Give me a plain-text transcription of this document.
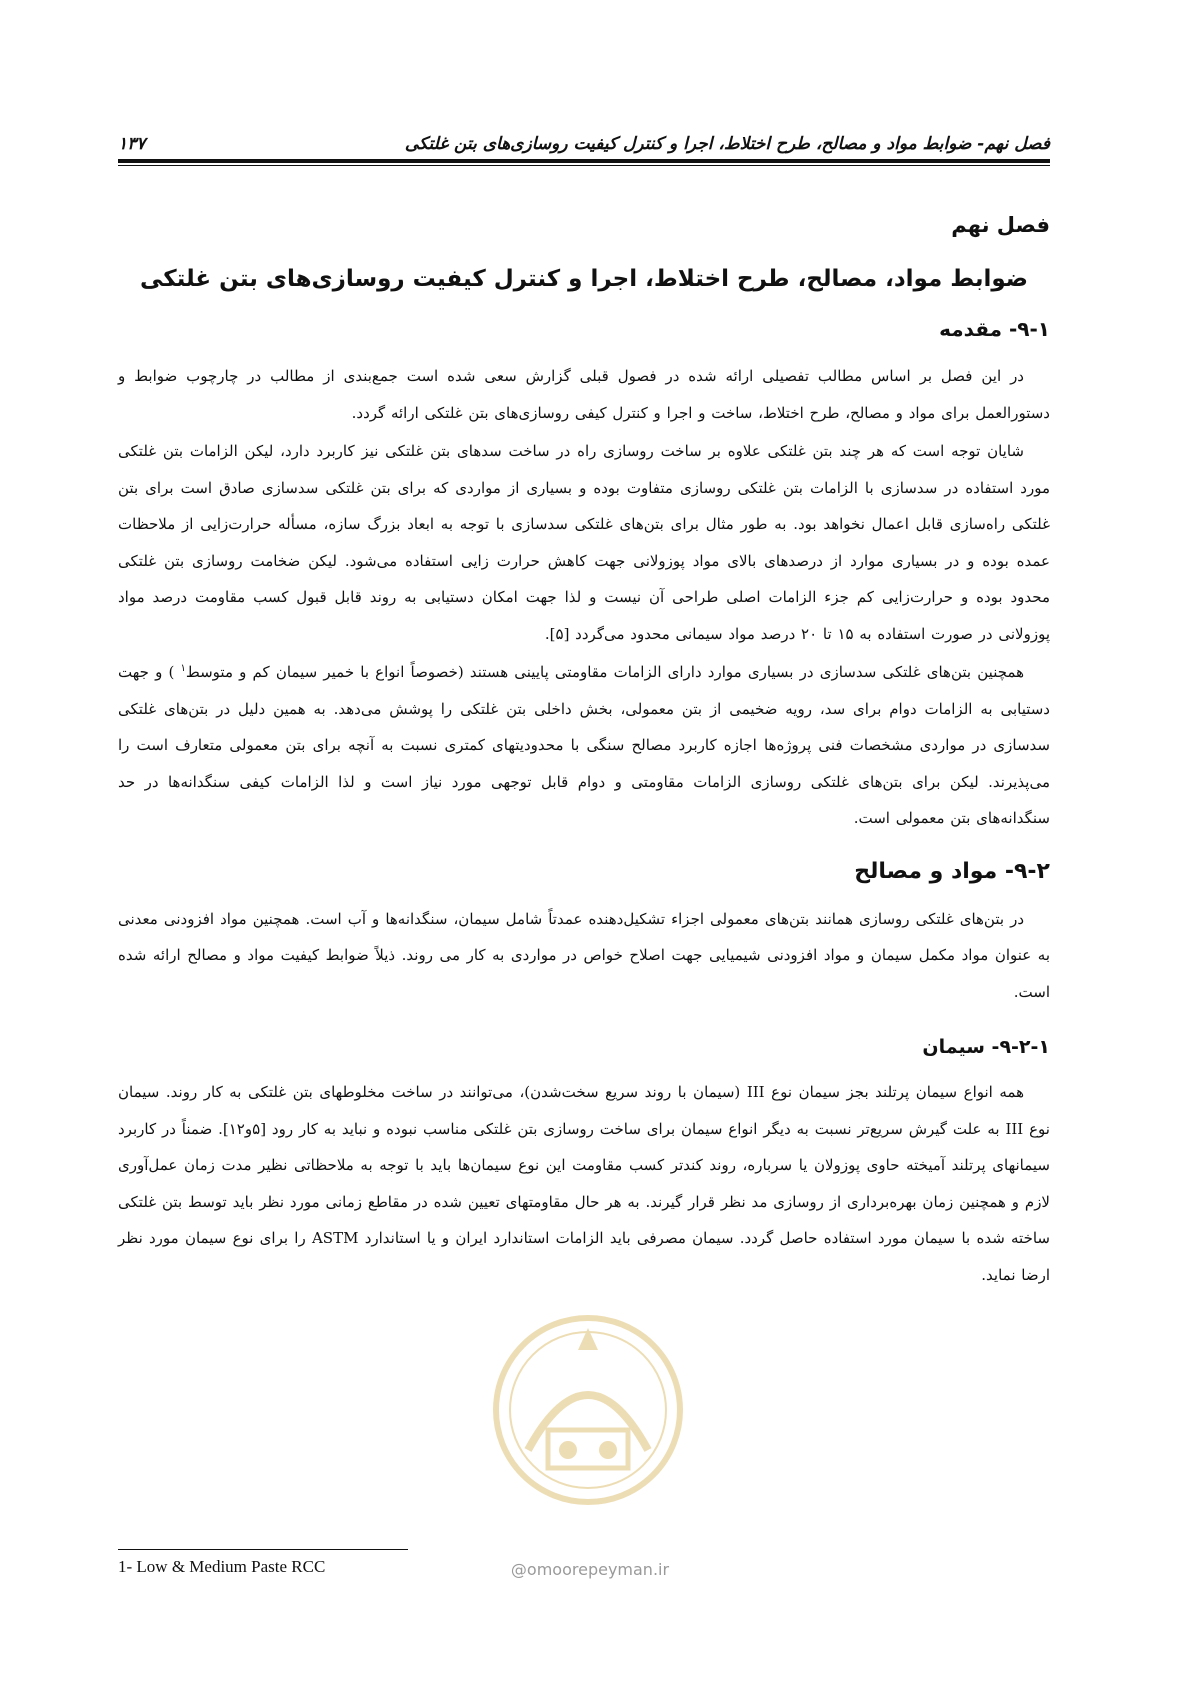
فصل نهم- ضوابط مواد و مصالح، طرح اختلاط، اجرا و کنترل کیفیت روسازی‌های بتن غلتکی
۱۳۷
فصل نهم
ضوابط مواد، مصالح، طرح اختلاط، اجرا و کنترل کیفیت روسازی‌های بتن غلتکی
۹-۱- مقدمه

در این فصل بر اساس مطالب تفصیلی ارائه شده در فصول قبلی گزارش سعی شده است جمع‌بندی از مطالب در چارچوب ضوابط و دستورالعمل برای مواد و مصالح، طرح اختلاط، ساخت و اجرا و کنترل کیفی روسازی‌های بتن غلتکی ارائه گردد.

شایان توجه است که هر چند بتن غلتکی علاوه بر ساخت روسازی راه در ساخت سدهای بتن غلتکی نیز کاربرد دارد، لیکن الزامات بتن غلتکی مورد استفاده در سدسازی با الزامات بتن غلتکی روسازی متفاوت بوده و بسیاری از مواردی که برای بتن غلتکی سدسازی صادق است برای بتن غلتکی راه‌سازی قابل اعمال نخواهد بود. به طور مثال برای بتن‌های غلتکی سدسازی با توجه به ابعاد بزرگ سازه، مسأله حرارت‌زایی از ملاحظات عمده بوده و در بسیاری موارد از درصدهای بالای مواد پوزولانی جهت کاهش حرارت زایی استفاده می‌شود. لیکن ضخامت روسازی بتن غلتکی محدود بوده و حرارت‌زایی کم جزء الزامات اصلی طراحی آن نیست و لذا جهت امکان دستیابی به روند قابل قبول کسب مقاومت درصد مواد پوزولانی در صورت استفاده به ۱۵ تا ۲۰ درصد مواد سیمانی محدود می‌گردد [۵].

همچنین بتن‌های غلتکی سدسازی در بسیاری موارد دارای الزامات مقاومتی پایینی هستند (خصوصاً انواع با خمیر سیمان کم و متوسط$^۱$ ) و جهت دستیابی به الزامات دوام برای سد، رویه ضخیمی از بتن معمولی، بخش داخلی بتن غلتکی را پوشش می‌دهد. به همین دلیل در بتن‌های غلتکی سدسازی در مواردی مشخصات فنی پروژه‌ها اجازه کاربرد مصالح سنگی با محدودیتهای کمتری نسبت به آنچه برای بتن معمولی متعارف است را می‌پذیرند. لیکن برای بتن‌های غلتکی روسازی الزامات مقاومتی و دوام قابل توجهی مورد نیاز است و لذا الزامات کیفی سنگدانه‌ها در حد سنگدانه‌های بتن معمولی است.

۹-۲- مواد و مصالح

در بتن‌های غلتکی روسازی همانند بتن‌های معمولی اجزاء تشکیل‌دهنده عمدتاً شامل سیمان، سنگدانه‌ها و آب است. همچنین مواد افزودنی معدنی به عنوان مواد مکمل سیمان و مواد افزودنی شیمیایی جهت اصلاح خواص در مواردی به کار می روند. ذیلاً ضوابط کیفیت مواد و مصالح ارائه شده است.

۹-۲-۱- سیمان

همه انواع سیمان پرتلند بجز سیمان نوع III (سیمان با روند سریع سخت‌شدن)، می‌توانند در ساخت مخلوطهای بتن غلتکی به کار روند. سیمان نوع III به علت گیرش سریع‌تر نسبت به دیگر انواع سیمان برای ساخت روسازی بتن غلتکی مناسب نبوده و نباید به کار رود [۵و۱۲]. ضمناً در کاربرد سیمانهای پرتلند آمیخته حاوی پوزولان یا سرباره، روند کندتر کسب مقاومت این نوع سیمان‌ها باید با توجه به ملاحظاتی نظیر مدت زمان عمل‌آوری لازم و همچنین زمان بهره‌برداری از روسازی مد نظر قرار گیرند. به هر حال مقاومتهای تعیین شده در مقاطع زمانی مورد نظر باید توسط بتن غلتکی ساخته شده با سیمان مورد استفاده حاصل گردد. سیمان مصرفی باید الزامات استاندارد ایران و یا استاندارد ASTM را برای نوع سیمان مورد نظر ارضا نماید.

@omoorepeyman.ir
1- Low & Medium Paste RCC
